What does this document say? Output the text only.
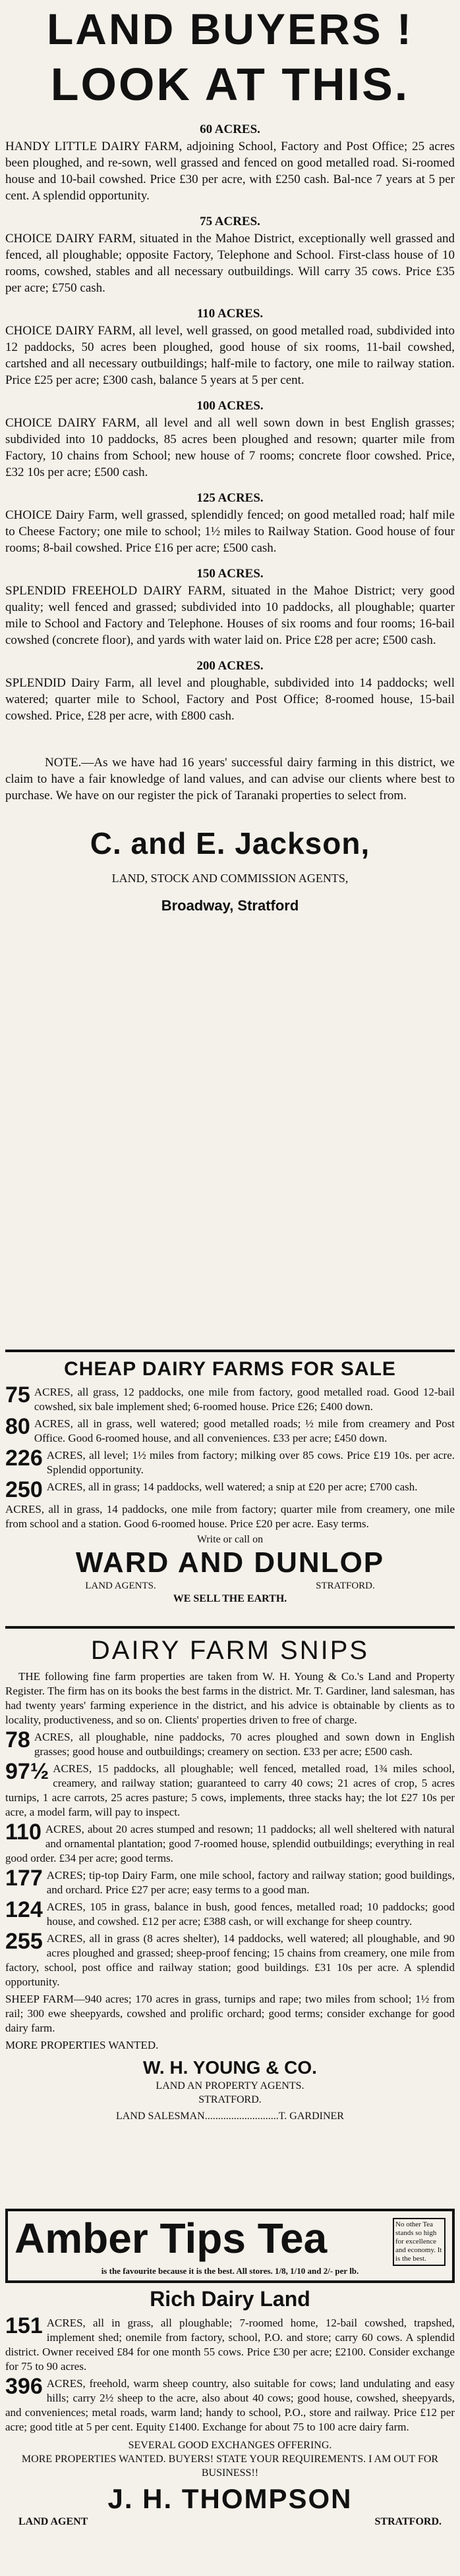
LAND BUYERS !
LOOK AT THIS.
60 ACRES.

HANDY LITTLE DAIRY FARM, adjoining School, Factory and Post Office; 25 acres been ploughed, and re-sown, well grassed and fenced on good metalled road. Si-roomed house and 10-bail cowshed. Price £30 per acre, with £250 cash. Bal-nce 7 years at 5 per cent. A splendid opportunity.

75 ACRES.

CHOICE DAIRY FARM, situated in the Mahoe District, exceptionally well grassed and fenced, all ploughable; opposite Factory, Telephone and School. First-class house of 10 rooms, cowshed, stables and all necessary outbuildings. Will carry 35 cows. Price £35 per acre; £750 cash.

110 ACRES.

CHOICE DAIRY FARM, all level, well grassed, on good metalled road, subdivided into 12 paddocks, 50 acres been ploughed, good house of six rooms, 11-bail cowshed, cartshed and all necessary outbuildings; half-mile to factory, one mile to railway station. Price £25 per acre; £300 cash, balance 5 years at 5 per cent.

100 ACRES.

CHOICE DAIRY FARM, all level and all well sown down in best English grasses; subdivided into 10 paddocks, 85 acres been ploughed and resown; quarter mile from Factory, 10 chains from School; new house of 7 rooms; concrete floor cowshed. Price, £32 10s per acre; £500 cash.

125 ACRES.

CHOICE Dairy Farm, well grassed, splendidly fenced; on good metalled road; half mile to Cheese Factory; one mile to school; 1½ miles to Railway Station. Good house of four rooms; 8-bail cowshed. Price £16 per acre; £500 cash.

150 ACRES.

SPLENDID FREEHOLD DAIRY FARM, situated in the Mahoe District; very good quality; well fenced and grassed; subdivided into 10 paddocks, all ploughable; quarter mile to School and Factory and Telephone. Houses of six rooms and four rooms; 16-bail cowshed (concrete floor), and yards with water laid on. Price £28 per acre; £500 cash.

200 ACRES.

SPLENDID Dairy Farm, all level and ploughable, subdivided into 14 paddocks; well watered; quarter mile to School, Factory and Post Office; 8-roomed house, 15-bail cowshed. Price, £28 per acre, with £800 cash.

NOTE.—As we have had 16 years' successful dairy farming in this district, we claim to have a fair knowledge of land values, and can advise our clients where best to purchase. We have on our register the pick of Taranaki properties to select from.

C. and E. Jackson,
LAND, STOCK AND COMMISSION AGENTS,
Broadway, Stratford
CHEAP DAIRY FARMS FOR SALE
75 ACRES, all grass, 12 paddocks, one mile from factory, good metalled road. Good 12-bail cowshed, six bale implement shed; 6-roomed house. Price £26; £400 down.
80 ACRES, all in grass, well watered; good metalled roads; ½ mile from creamery and Post Office. Good 6-roomed house, and all conveniences. £33 per acre; £450 down.
226 ACRES, all level; 1½ miles from factory; milking over 85 cows. Price £19 10s. per acre. Splendid opportunity.
250 ACRES, all in grass; 14 paddocks, well watered; a snip at £20 per acre; £700 cash.
ACRES, all in grass, 14 paddocks, one mile from factory; quarter mile from creamery, one mile from school and a station. Good 6-roomed house. Price £20 per acre. Easy terms.
Write or call on
WARD AND DUNLOP
LAND AGENTS.	STRATFORD.
WE SELL THE EARTH.
DAIRY FARM SNIPS

THE following fine farm properties are taken from W. H. Young & Co.'s Land and Property Register. The firm has on its books the best farms in the district. Mr. T. Gardiner, land salesman, has had twenty years' farming experience in the district, and his advice is obtainable by clients as to locality, productiveness, and so on. Clients' properties driven to free of charge.

78 ACRES, all ploughable, nine paddocks, 70 acres ploughed and sown down in English grasses; good house and outbuildings; creamery on section. £33 per acre; £500 cash.
97½ ACRES, 15 paddocks, all ploughable; well fenced, metalled road, 1¾ miles school, creamery, and railway station; guaranteed to carry 40 cows; 21 acres of crop, 5 acres turnips, 1 acre carrots, 25 acres pasture; 5 cows, implements, three stacks hay; the lot £27 10s per acre, a model farm, will pay to inspect.
110 ACRES, about 20 acres stumped and resown; 11 paddocks; all well sheltered with natural and ornamental plantation; good 7-roomed house, splendid outbuildings; everything in real good order. £34 per acre; good terms.
177 ACRES; tip-top Dairy Farm, one mile school, factory and railway station; good buildings, and orchard. Price £27 per acre; easy terms to a good man.
124 ACRES, 105 in grass, balance in bush, good fences, metalled road; 10 paddocks; good house, and cowshed. £12 per acre; £388 cash, or will exchange for sheep country.
255 ACRES, all in grass (8 acres shelter), 14 paddocks, well watered; all ploughable, and 90 acres ploughed and grassed; sheep-proof fencing; 15 chains from creamery, one mile from factory, school, post office and railway station; good buildings. £31 10s per acre. A splendid opportunity.
SHEEP FARM—940 acres; 170 acres in grass, turnips and rape; two miles from school; 1½ from rail; 300 ewe sheepyards, cowshed and prolific orchard; good terms; consider exchange for good dairy farm.
MORE PROPERTIES WANTED.
W. H. YOUNG & CO.
LAND AN PROPERTY AGENTS.
STRATFORD.
LAND SALESMAN............................T. GARDINER
Amber Tips Tea	No other Tea stands so high for excellence and economy. It is the best.
is the favourite because it is the best. All stores. 1/8, 1/10 and 2/- per lb.
Rich Dairy Land
151 ACRES, all in grass, all ploughable; 7-roomed home, 12-bail cowshed, trapshed, implement shed; onemile from factory, school, P.O. and store; carry 60 cows. A splendid district. Owner received £84 for one month 55 cows. Price £30 per acre; £2100. Consider exchange for 75 to 90 acres.
396 ACRES, freehold, warm sheep country, also suitable for cows; land undulating and easy hills; carry 2½ sheep to the acre, also about 40 cows; good house, cowshed, sheepyards, and conveniences; metal roads, warm land; handy to school, P.O., store and railway. Price £12 per acre; good title at 5 per cent. Equity £1400. Exchange for about 75 to 100 acre dairy farm.
SEVERAL GOOD EXCHANGES OFFERING.
MORE PROPERTIES WANTED. BUYERS! STATE YOUR REQUIREMENTS. I AM OUT FOR BUSINESS!!
J. H. THOMPSON
LAND AGENT	STRATFORD.
